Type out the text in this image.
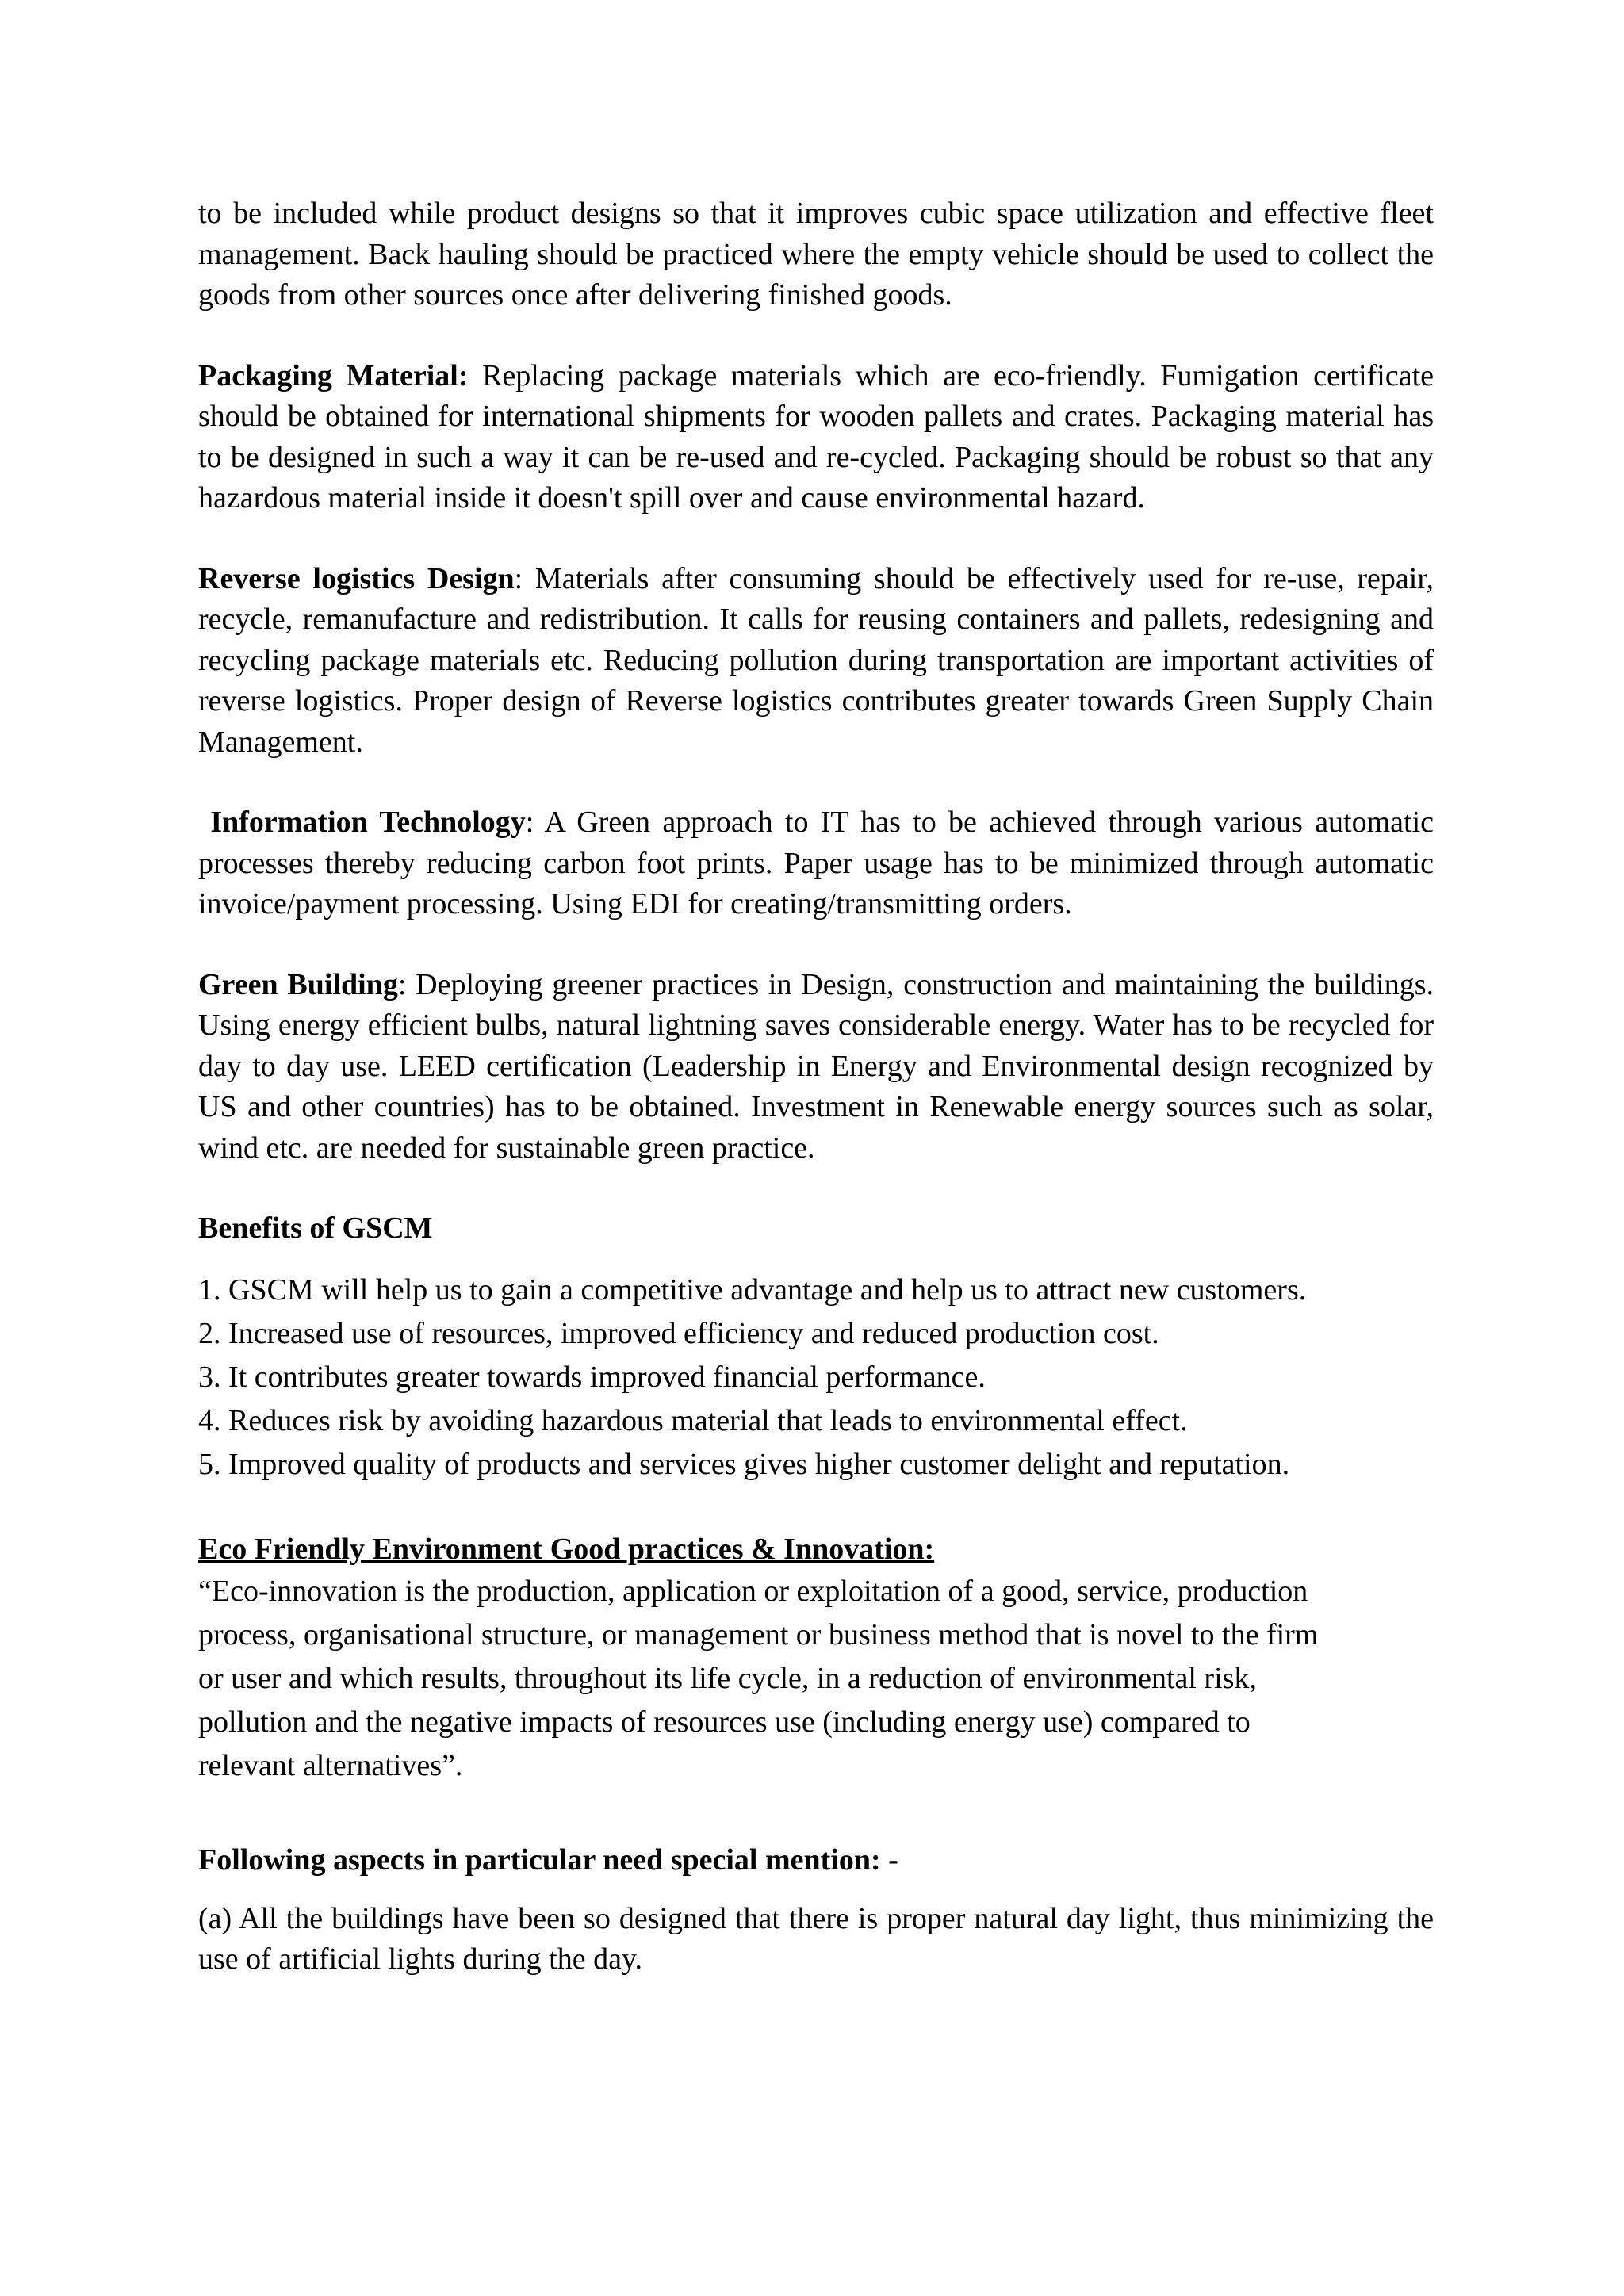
to be included while product designs so that it improves cubic space utilization and effective fleet management. Back hauling should be practiced where the empty vehicle should be used to collect the goods from other sources once after delivering finished goods.

Packaging Material: Replacing package materials which are eco-friendly. Fumigation certificate should be obtained for international shipments for wooden pallets and crates. Packaging material has to be designed in such a way it can be re-used and re-cycled. Packaging should be robust so that any hazardous material inside it doesn't spill over and cause environmental hazard.

Reverse logistics Design: Materials after consuming should be effectively used for re-use, repair, recycle, remanufacture and redistribution. It calls for reusing containers and pallets, redesigning and recycling package materials etc. Reducing pollution during transportation are important activities of reverse logistics. Proper design of Reverse logistics contributes greater towards Green Supply Chain Management.

Information Technology: A Green approach to IT has to be achieved through various automatic processes thereby reducing carbon foot prints. Paper usage has to be minimized through automatic invoice/payment processing. Using EDI for creating/transmitting orders.

Green Building: Deploying greener practices in Design, construction and maintaining the buildings. Using energy efficient bulbs, natural lightning saves considerable energy. Water has to be recycled for day to day use. LEED certification (Leadership in Energy and Environmental design recognized by US and other countries) has to be obtained. Investment in Renewable energy sources such as solar, wind etc. are needed for sustainable green practice.

Benefits of GSCM

1. GSCM will help us to gain a competitive advantage and help us to attract new customers.
2. Increased use of resources, improved efficiency and reduced production cost.
3. It contributes greater towards improved financial performance.
4. Reduces risk by avoiding hazardous material that leads to environmental effect.
5. Improved quality of products and services gives higher customer delight and reputation.

Eco Friendly Environment Good practices & Innovation:

“Eco-innovation is the production, application or exploitation of a good, service, production
process, organisational structure, or management or business method that is novel to the firm
or user and which results, throughout its life cycle, in a reduction of environmental risk,
pollution and the negative impacts of resources use (including energy use) compared to
relevant alternatives”.

Following aspects in particular need special mention: -

(a) All the buildings have been so designed that there is proper natural day light, thus minimizing the use of artificial lights during the day.
